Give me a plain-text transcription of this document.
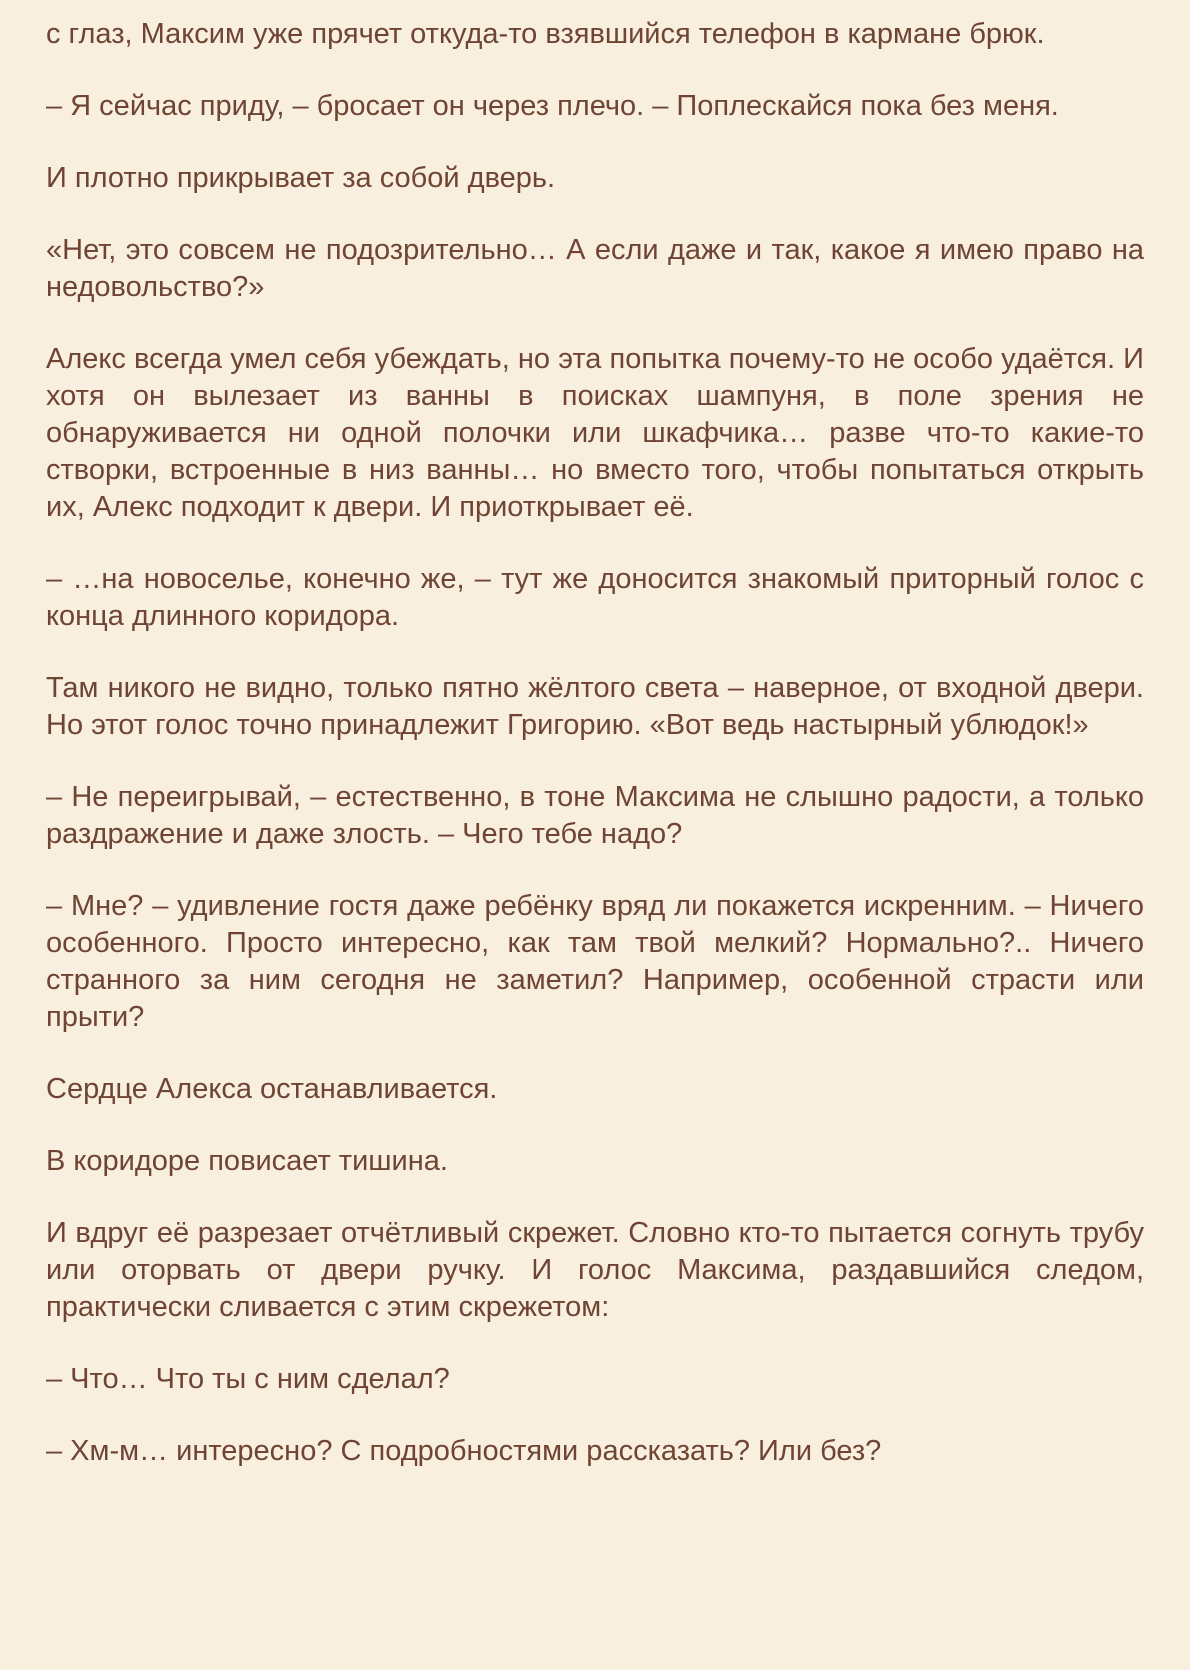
с глаз, Максим уже прячет откуда-то взявшийся телефон в кармане брюк.

– Я сейчас приду, – бросает он через плечо. – Поплескайся пока без меня.

И плотно прикрывает за собой дверь.

«Нет, это совсем не подозрительно… А если даже и так, какое я имею право на недовольство?»

Алекс всегда умел себя убеждать, но эта попытка почему-то не особо удаётся. И хотя он вылезает из ванны в поисках шампуня, в поле зрения не обнаруживается ни одной полочки или шкафчика… разве что-то какие-то створки, встроенные в низ ванны… но вместо того, чтобы попытаться открыть их, Алекс подходит к двери. И приоткрывает её.

– …на новоселье, конечно же, – тут же доносится знакомый приторный голос с конца длинного коридора.

Там никого не видно, только пятно жёлтого света – наверное, от входной двери. Но этот голос точно принадлежит Григорию. «Вот ведь настырный ублюдок!»

– Не переигрывай, – естественно, в тоне Максима не слышно радости, а только раздражение и даже злость. – Чего тебе надо?

– Мне? – удивление гостя даже ребёнку вряд ли покажется искренним. – Ничего особенного. Просто интересно, как там твой мелкий? Нормально?.. Ничего странного за ним сегодня не заметил? Например, особенной страсти или прыти?

Сердце Алекса останавливается.

В коридоре повисает тишина.

И вдруг её разрезает отчётливый скрежет. Словно кто-то пытается согнуть трубу или оторвать от двери ручку. И голос Максима, раздавшийся следом, практически сливается с этим скрежетом:

– Что… Что ты с ним сделал?

– Хм-м… интересно? С подробностями рассказать? Или без?
